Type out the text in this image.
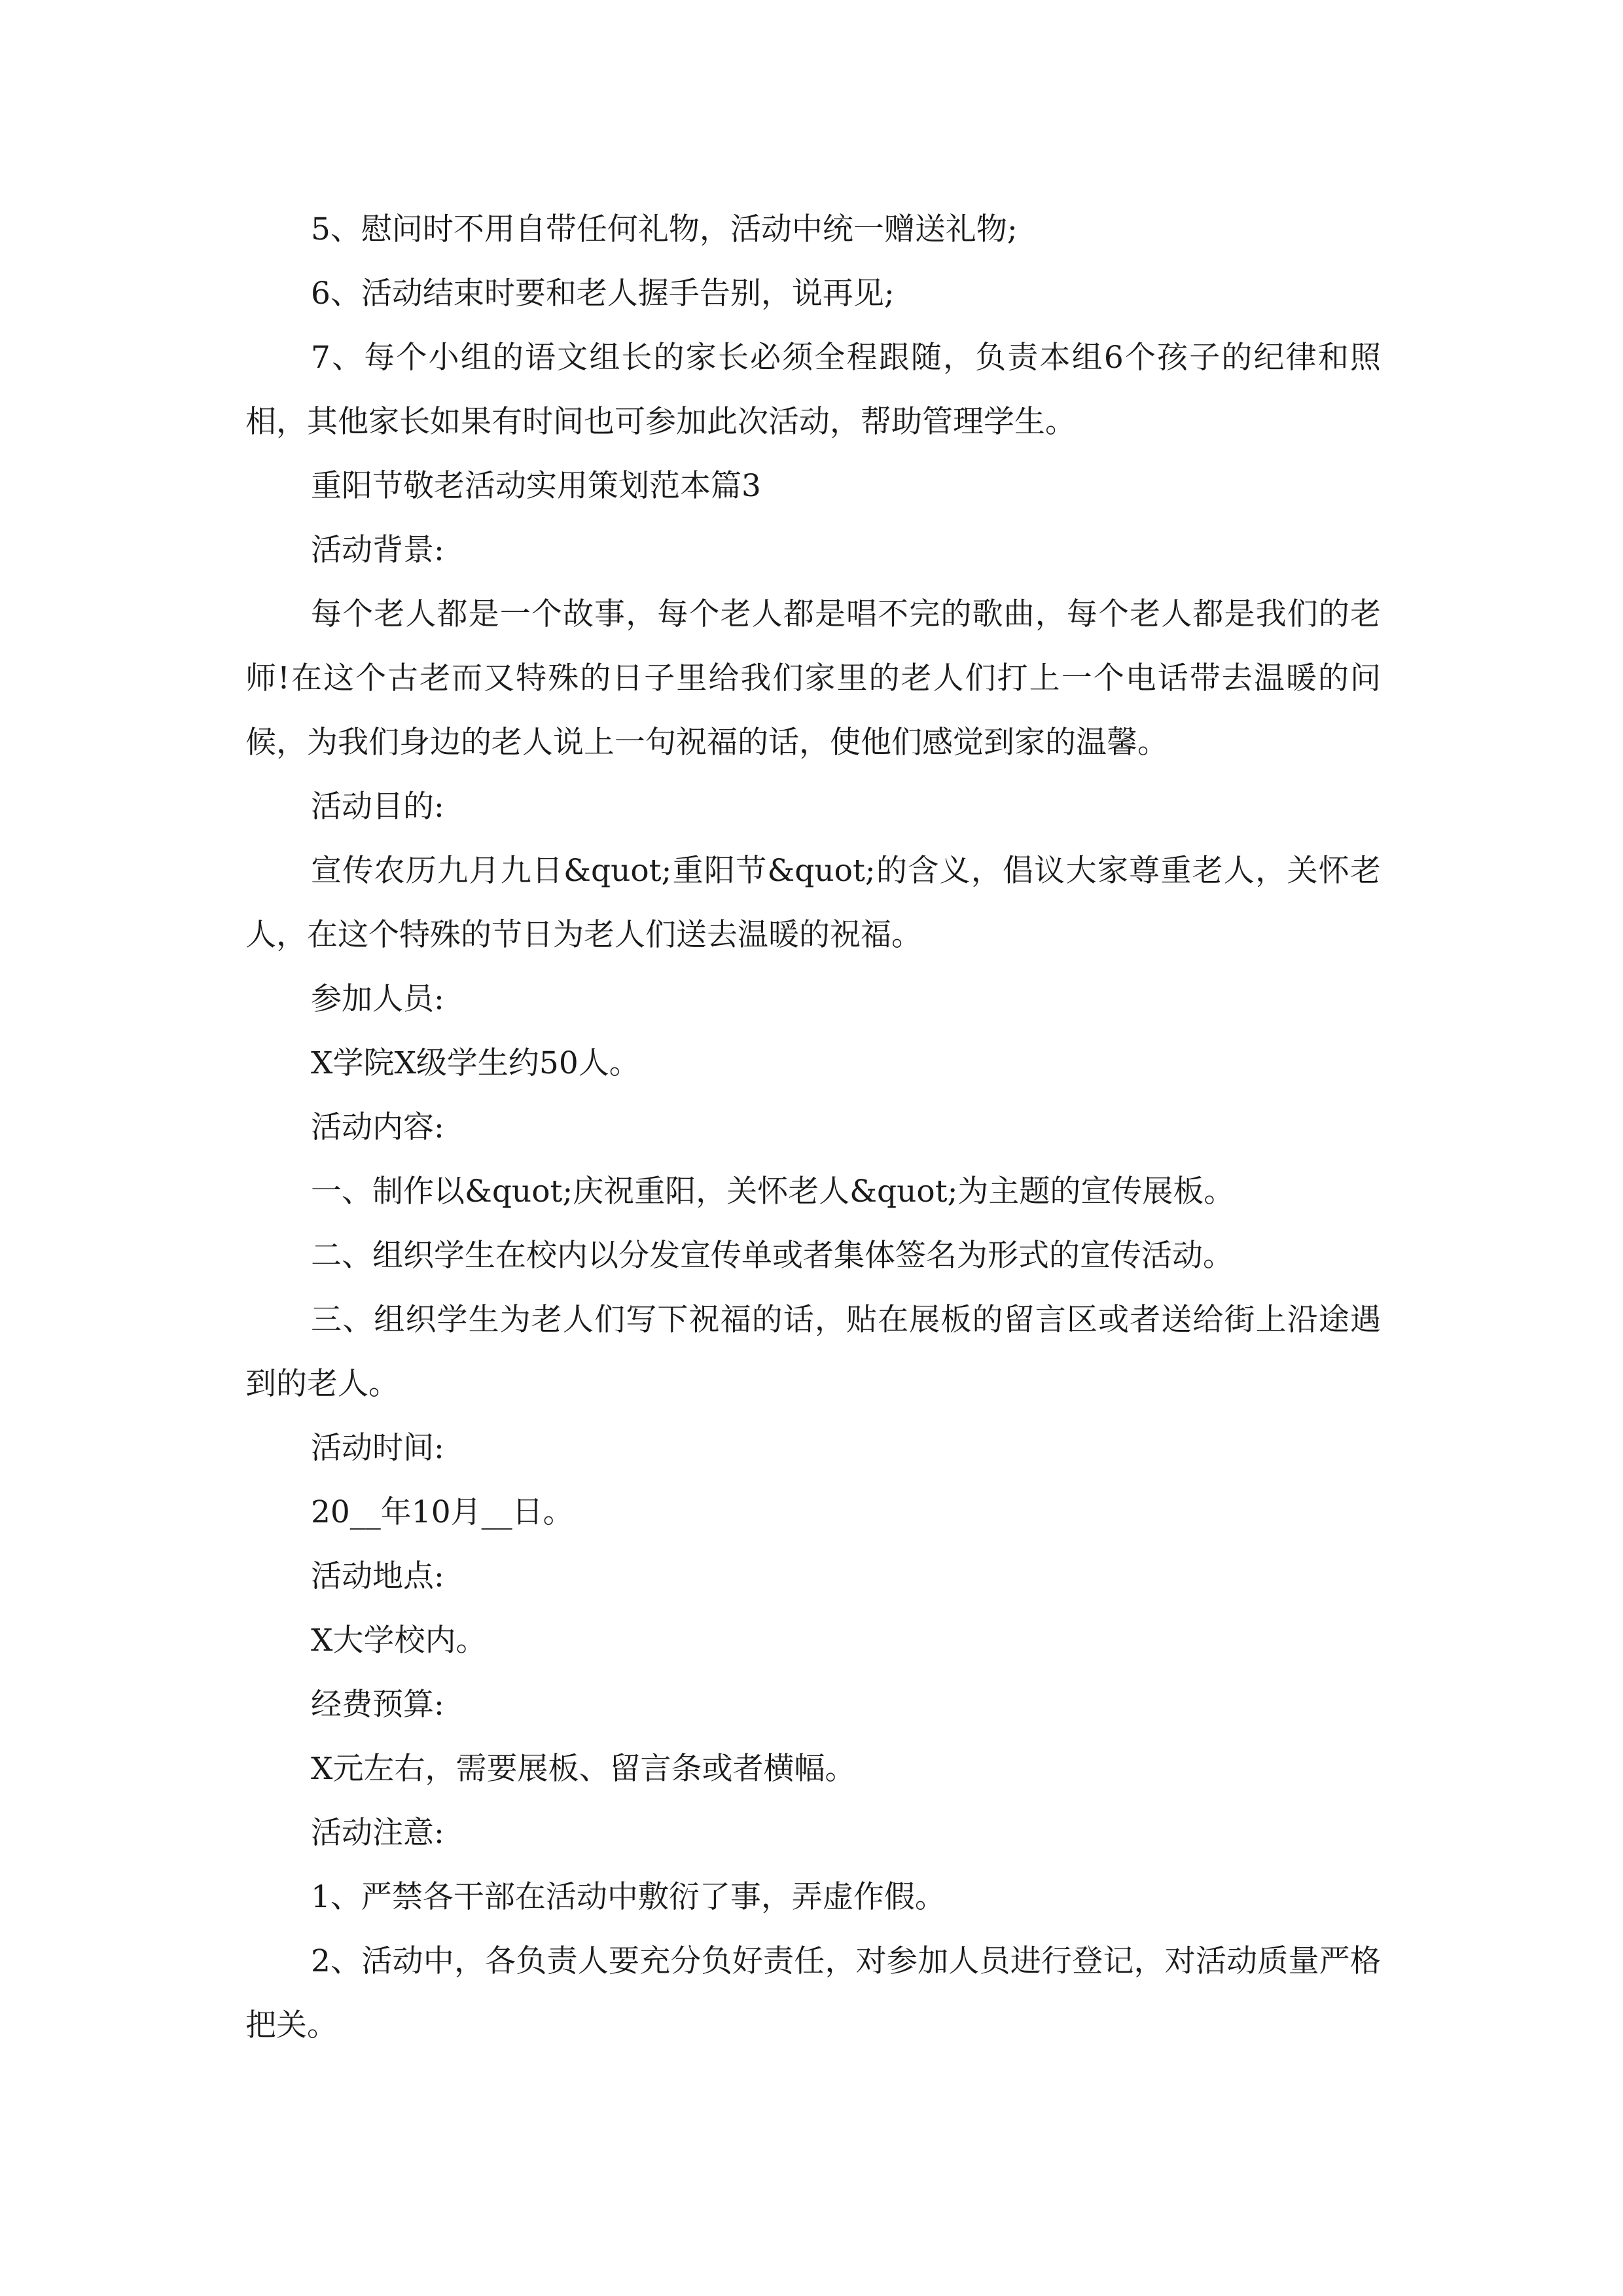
5、慰问时不用自带任何礼物，活动中统一赠送礼物;

6、活动结束时要和老人握手告别，说再见;

7、每个小组的语文组长的家长必须全程跟随，负责本组6个孩子的纪律和照相，其他家长如果有时间也可参加此次活动，帮助管理学生。

重阳节敬老活动实用策划范本篇3

活动背景:

每个老人都是一个故事，每个老人都是唱不完的歌曲，每个老人都是我们的老师!在这个古老而又特殊的日子里给我们家里的老人们打上一个电话带去温暖的问候，为我们身边的老人说上一句祝福的话，使他们感觉到家的温馨。

活动目的:

宣传农历九月九日&quot;重阳节&quot;的含义，倡议大家尊重老人，关怀老人，在这个特殊的节日为老人们送去温暖的祝福。

参加人员:

X学院X级学生约50人。

活动内容:

一、制作以&quot;庆祝重阳，关怀老人&quot;为主题的宣传展板。

二、组织学生在校内以分发宣传单或者集体签名为形式的宣传活动。

三、组织学生为老人们写下祝福的话，贴在展板的留言区或者送给街上沿途遇到的老人。

活动时间:

20__年10月__日。

活动地点:

X大学校内。

经费预算:

X元左右，需要展板、留言条或者横幅。

活动注意:

1、严禁各干部在活动中敷衍了事，弄虚作假。

2、活动中，各负责人要充分负好责任，对参加人员进行登记，对活动质量严格把关。
